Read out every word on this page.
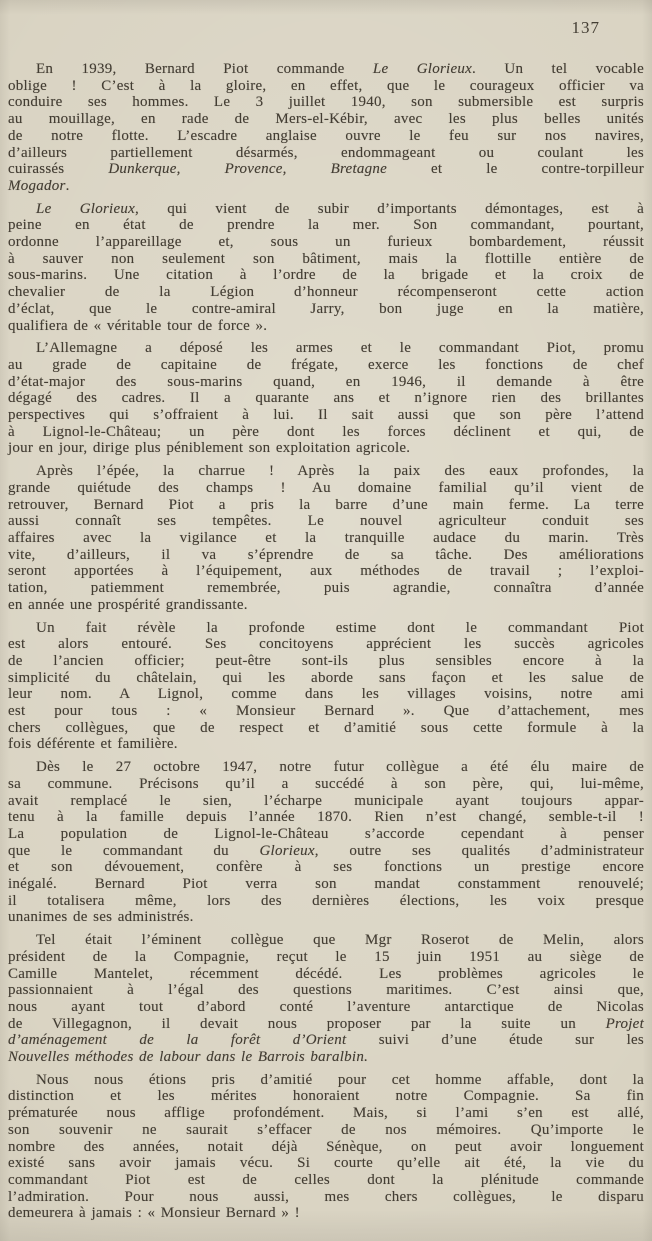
137
En 1939, Bernard Piot commande Le Glorieux. Un tel vocable
oblige ! C’est à la gloire, en effet, que le courageux officier va
conduire ses hommes. Le 3 juillet 1940, son submersible est surpris
au mouillage, en rade de Mers-el-Kébir, avec les plus belles unités
de notre flotte. L’escadre anglaise ouvre le feu sur nos navires,
d’ailleurs partiellement désarmés, endommageant ou coulant les
cuirassés Dunkerque, Provence, Bretagne et le contre-torpilleur
Mogador.
Le Glorieux, qui vient de subir d’importants démontages, est à
peine en état de prendre la mer. Son commandant, pourtant,
ordonne l’appareillage et, sous un furieux bombardement, réussit
à sauver non seulement son bâtiment, mais la flottille entière de
sous-marins. Une citation à l’ordre de la brigade et la croix de
chevalier de la Légion d’honneur récompenseront cette action
d’éclat, que le contre-amiral Jarry, bon juge en la matière,
qualifiera de « véritable tour de force ».
L’Allemagne a déposé les armes et le commandant Piot, promu
au grade de capitaine de frégate, exerce les fonctions de chef
d’état-major des sous-marins quand, en 1946, il demande à être
dégagé des cadres. Il a quarante ans et n’ignore rien des brillantes
perspectives qui s’offraient à lui. Il sait aussi que son père l’attend
à Lignol-le-Château; un père dont les forces déclinent et qui, de
jour en jour, dirige plus péniblement son exploitation agricole.
Après l’épée, la charrue ! Après la paix des eaux profondes, la
grande quiétude des champs ! Au domaine familial qu’il vient de
retrouver, Bernard Piot a pris la barre d’une main ferme. La terre
aussi connaît ses tempêtes. Le nouvel agriculteur conduit ses
affaires avec la vigilance et la tranquille audace du marin. Très
vite, d’ailleurs, il va s’éprendre de sa tâche. Des améliorations
seront apportées à l’équipement, aux méthodes de travail ; l’exploi-
tation, patiemment remembrée, puis agrandie, connaîtra d’année
en année une prospérité grandissante.
Un fait révèle la profonde estime dont le commandant Piot
est alors entouré. Ses concitoyens apprécient les succès agricoles
de l’ancien officier; peut-être sont-ils plus sensibles encore à la
simplicité du châtelain, qui les aborde sans façon et les salue de
leur nom. A Lignol, comme dans les villages voisins, notre ami
est pour tous : « Monsieur Bernard ». Que d’attachement, mes
chers collègues, que de respect et d’amitié sous cette formule à la
fois déférente et familière.
Dès le 27 octobre 1947, notre futur collègue a été élu maire de
sa commune. Précisons qu’il a succédé à son père, qui, lui-même,
avait remplacé le sien, l’écharpe municipale ayant toujours appar-
tenu à la famille depuis l’année 1870. Rien n’est changé, semble-t-il !
La population de Lignol-le-Château s’accorde cependant à penser
que le commandant du Glorieux, outre ses qualités d’administrateur
et son dévouement, confère à ses fonctions un prestige encore
inégalé. Bernard Piot verra son mandat constamment renouvelé;
il totalisera même, lors des dernières élections, les voix presque
unanimes de ses administrés.
Tel était l’éminent collègue que Mgr Roserot de Melin, alors
président de la Compagnie, reçut le 15 juin 1951 au siège de
Camille Mantelet, récemment décédé. Les problèmes agricoles le
passionnaient à l’égal des questions maritimes. C’est ainsi que,
nous ayant tout d’abord conté l’aventure antarctique de Nicolas
de Villegagnon, il devait nous proposer par la suite un Projet
d’aménagement de la forêt d’Orient suivi d’une étude sur les
Nouvelles méthodes de labour dans le Barrois baralbin.
Nous nous étions pris d’amitié pour cet homme affable, dont la
distinction et les mérites honoraient notre Compagnie. Sa fin
prématurée nous afflige profondément. Mais, si l’ami s’en est allé,
son souvenir ne saurait s’effacer de nos mémoires. Qu’importe le
nombre des années, notait déjà Sénèque, on peut avoir longuement
existé sans avoir jamais vécu. Si courte qu’elle ait été, la vie du
commandant Piot est de celles dont la plénitude commande
l’admiration. Pour nous aussi, mes chers collègues, le disparu
demeurera à jamais : « Monsieur Bernard » !
